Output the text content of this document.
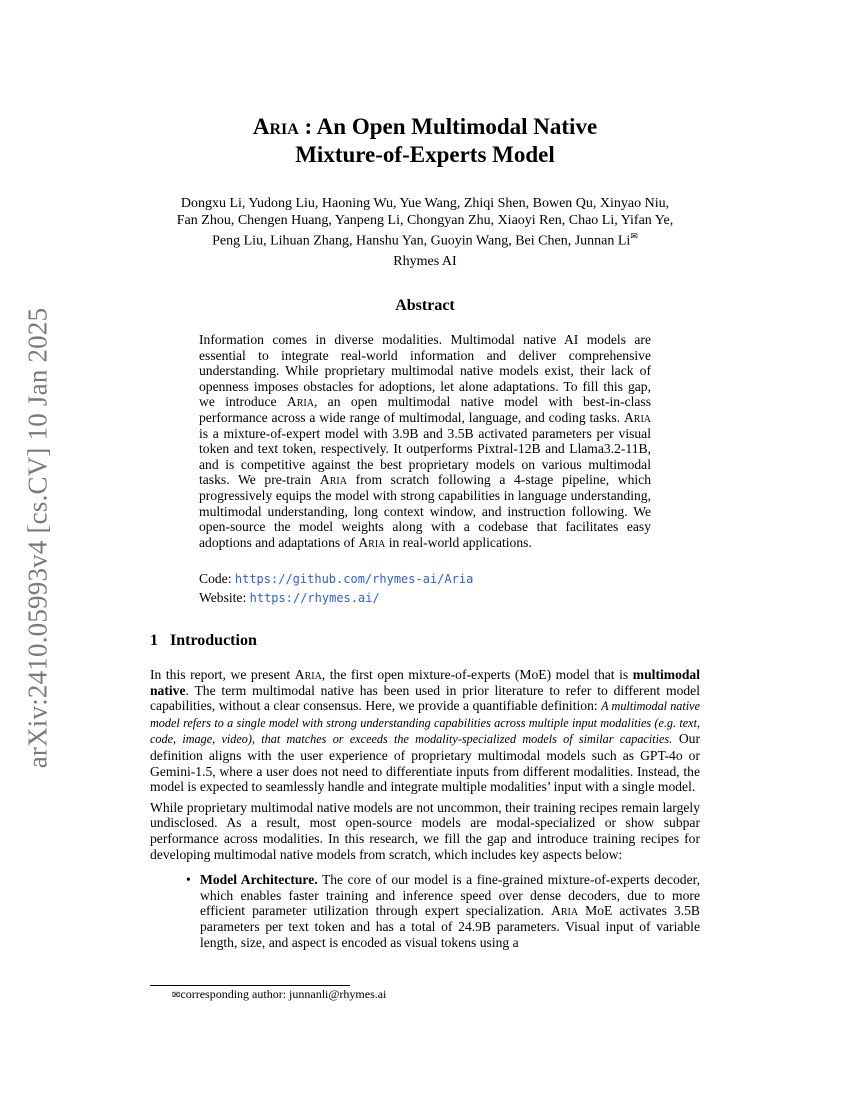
arXiv:2410.05993v4 [cs.CV] 10 Jan 2025
Aria : An Open Multimodal Native
Mixture-of-Experts Model
Dongxu Li, Yudong Liu, Haoning Wu, Yue Wang, Zhiqi Shen, Bowen Qu, Xinyao Niu,
Fan Zhou, Chengen Huang, Yanpeng Li, Chongyan Zhu, Xiaoyi Ren, Chao Li, Yifan Ye,
Peng Liu, Lihuan Zhang, Hanshu Yan, Guoyin Wang, Bei Chen, Junnan Li✉
Rhymes AI
Abstract
Information comes in diverse modalities. Multimodal native AI models are essential to integrate real-world information and deliver comprehensive understanding. While proprietary multimodal native models exist, their lack of openness imposes obstacles for adoptions, let alone adaptations. To fill this gap, we introduce Aria, an open multimodal native model with best-in-class performance across a wide range of multimodal, language, and coding tasks. Aria is a mixture-of-expert model with 3.9B and 3.5B activated parameters per visual token and text token, respectively. It outperforms Pixtral-12B and Llama3.2-11B, and is competitive against the best proprietary models on various multimodal tasks. We pre-train Aria from scratch following a 4-stage pipeline, which progressively equips the model with strong capabilities in language understanding, multimodal understanding, long context window, and instruction following. We open-source the model weights along with a codebase that facilitates easy adoptions and adaptations of Aria in real-world applications.
Code: https://github.com/rhymes-ai/Aria
Website: https://rhymes.ai/
1 Introduction

In this report, we present Aria, the first open mixture-of-experts (MoE) model that is multimodal native. The term multimodal native has been used in prior literature to refer to different model capabilities, without a clear consensus. Here, we provide a quantifiable definition: A multimodal native model refers to a single model with strong understanding capabilities across multiple input modalities (e.g. text, code, image, video), that matches or exceeds the modality-specialized models of similar capacities. Our definition aligns with the user experience of proprietary multimodal models such as GPT-4o or Gemini-1.5, where a user does not need to differentiate inputs from different modalities. Instead, the model is expected to seamlessly handle and integrate multiple modalities’ input with a single model.

While proprietary multimodal native models are not uncommon, their training recipes remain largely undisclosed. As a result, most open-source models are modal-specialized or show subpar performance across modalities. In this research, we fill the gap and introduce training recipes for developing multimodal native models from scratch, which includes key aspects below:

• Model Architecture. The core of our model is a fine-grained mixture-of-experts decoder, which enables faster training and inference speed over dense decoders, due to more efficient parameter utilization through expert specialization. Aria MoE activates 3.5B parameters per text token and has a total of 24.9B parameters. Visual input of variable length, size, and aspect is encoded as visual tokens using a
✉corresponding author: junnanli@rhymes.ai
